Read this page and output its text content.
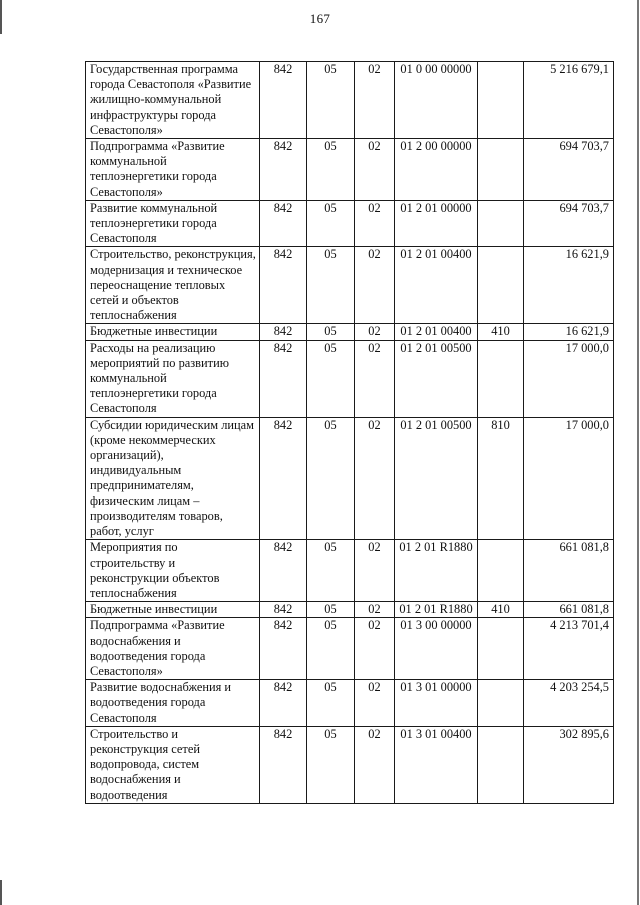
167
Государственная программа города Севастополя «Развитие жилищно-коммунальной инфраструктуры города Севастополя»	842	05	02	01 0 00 00000		5 216 679,1
Подпрограмма «Развитие коммунальной теплоэнергетики города Севастополя»	842	05	02	01 2 00 00000		694 703,7
Развитие коммунальной теплоэнергетики города Севастополя	842	05	02	01 2 01 00000		694 703,7
Строительство, реконструкция, модернизация и техническое переоснащение тепловых сетей и объектов теплоснабжения	842	05	02	01 2 01 00400		16 621,9
Бюджетные инвестиции	842	05	02	01 2 01 00400	410	16 621,9
Расходы на реализацию мероприятий по развитию коммунальной теплоэнергетики города Севастополя	842	05	02	01 2 01 00500		17 000,0
Субсидии юридическим лицам (кроме некоммерческих организаций), индивидуальным предпринимателям, физическим лицам – производителям товаров, работ, услуг	842	05	02	01 2 01 00500	810	17 000,0
Мероприятия по строительству и реконструкции объектов теплоснабжения	842	05	02	01 2 01 R1880		661 081,8
Бюджетные инвестиции	842	05	02	01 2 01 R1880	410	661 081,8
Подпрограмма «Развитие водоснабжения и водоотведения города Севастополя»	842	05	02	01 3 00 00000		4 213 701,4
Развитие водоснабжения и водоотведения города Севастополя	842	05	02	01 3 01 00000		4 203 254,5
Строительство и реконструкция сетей водопровода, систем водоснабжения и водоотведения	842	05	02	01 3 01 00400		302 895,6
